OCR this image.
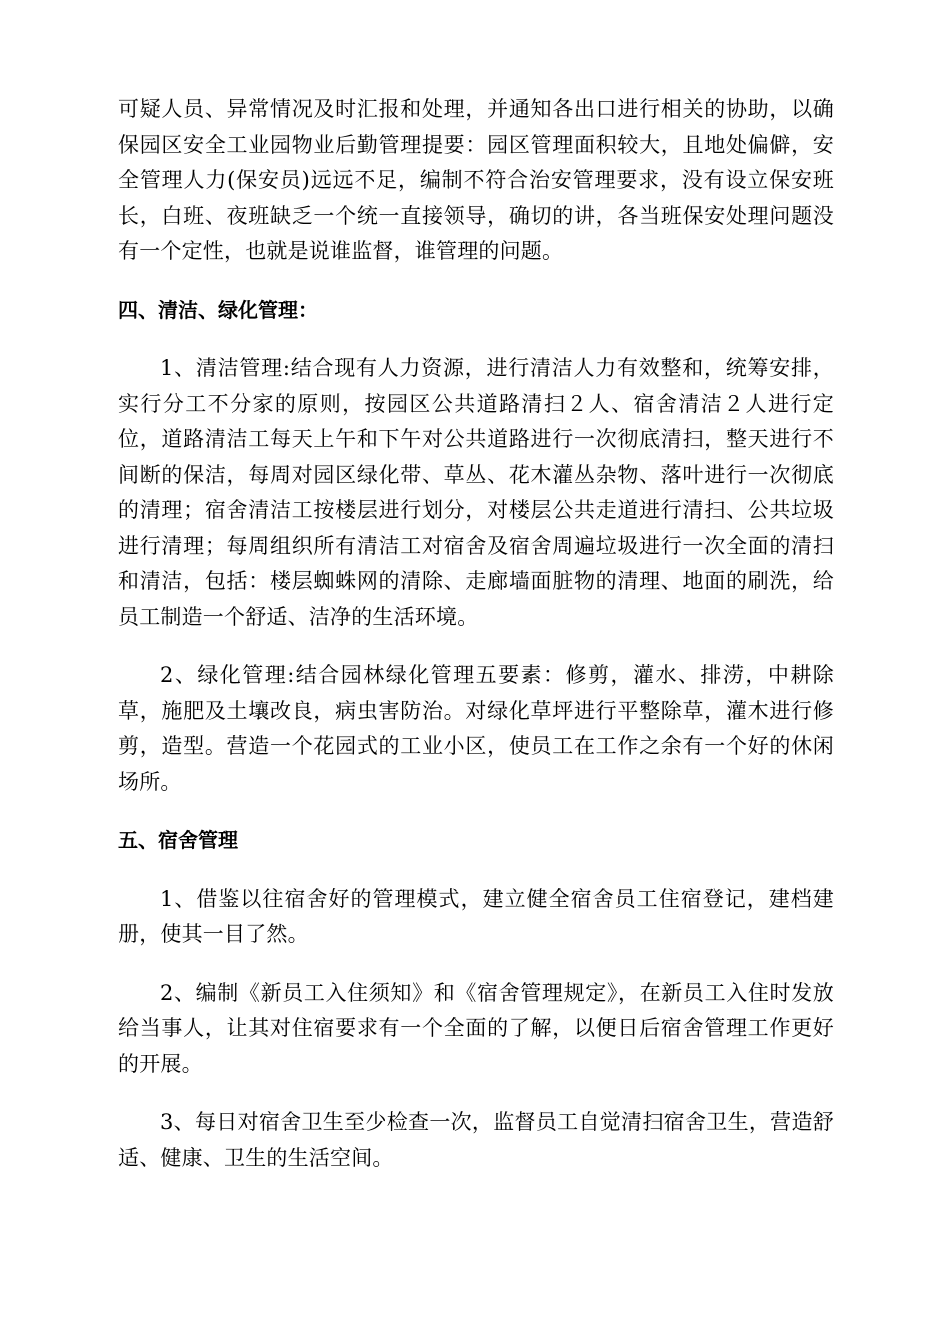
可疑人员、异常情况及时汇报和处理，并通知各出口进行相关的协助，以确保园区安全工业园物业后勤管理提要：园区管理面积较大，且地处偏僻，安全管理人力(保安员)远远不足，编制不符合治安管理要求，没有设立保安班长，白班、夜班缺乏一个统一直接领导，确切的讲，各当班保安处理问题没有一个定性，也就是说谁监督，谁管理的问题。

四、清洁、绿化管理：

1、清洁管理:结合现有人力资源，进行清洁人力有效整和，统筹安排，实行分工不分家的原则，按园区公共道路清扫２人、宿舍清洁２人进行定位，道路清洁工每天上午和下午对公共道路进行一次彻底清扫，整天进行不间断的保洁，每周对园区绿化带、草丛、花木灌丛杂物、落叶进行一次彻底的清理；宿舍清洁工按楼层进行划分，对楼层公共走道进行清扫、公共垃圾进行清理；每周组织所有清洁工对宿舍及宿舍周遍垃圾进行一次全面的清扫和清洁，包括：楼层蜘蛛网的清除、走廊墙面脏物的清理、地面的刷洗，给员工制造一个舒适、洁净的生活环境。

2、绿化管理:结合园林绿化管理五要素：修剪，灌水、排涝，中耕除草，施肥及土壤改良，病虫害防治。对绿化草坪进行平整除草，灌木进行修剪，造型。营造一个花园式的工业小区，使员工在工作之余有一个好的休闲场所。

五、宿舍管理

1、借鉴以往宿舍好的管理模式，建立健全宿舍员工住宿登记，建档建册，使其一目了然。

2、编制《新员工入住须知》和《宿舍管理规定》，在新员工入住时发放给当事人，让其对住宿要求有一个全面的了解，以便日后宿舍管理工作更好的开展。

3、每日对宿舍卫生至少检查一次，监督员工自觉清扫宿舍卫生，营造舒适、健康、卫生的生活空间。
